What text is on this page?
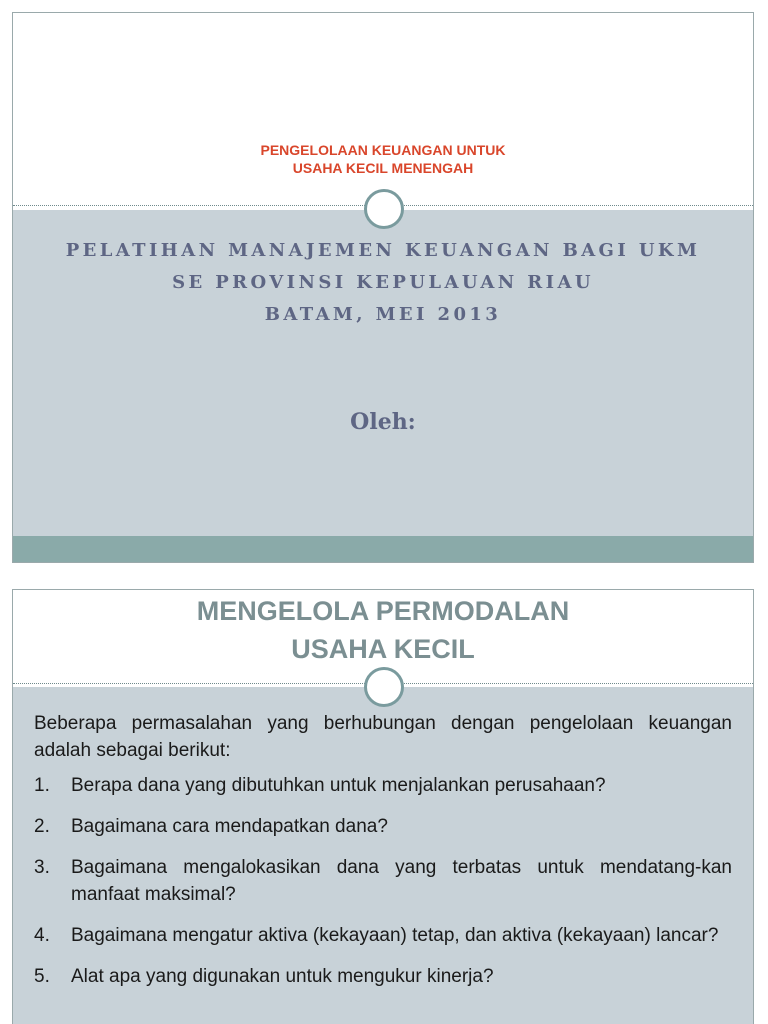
PENGELOLAAN KEUANGAN UNTUK
USAHA KECIL MENENGAH
PELATIHAN MANAJEMEN KEUANGAN BAGI UKM
SE PROVINSI KEPULAUAN RIAU
BATAM, MEI 2013
Oleh:
MENGELOLA PERMODALAN
USAHA KECIL

Beberapa permasalahan yang berhubungan dengan pengelolaan keuangan adalah sebagai berikut:

1.	Berapa dana yang dibutuhkan untuk menjalankan perusahaan?
2.	Bagaimana cara mendapatkan dana?
3.	Bagaimana mengalokasikan dana yang terbatas untuk mendatang-kan manfaat maksimal?
4.	Bagaimana mengatur aktiva (kekayaan) tetap, dan aktiva (kekayaan) lancar?
5.	Alat apa yang digunakan untuk mengukur kinerja?
